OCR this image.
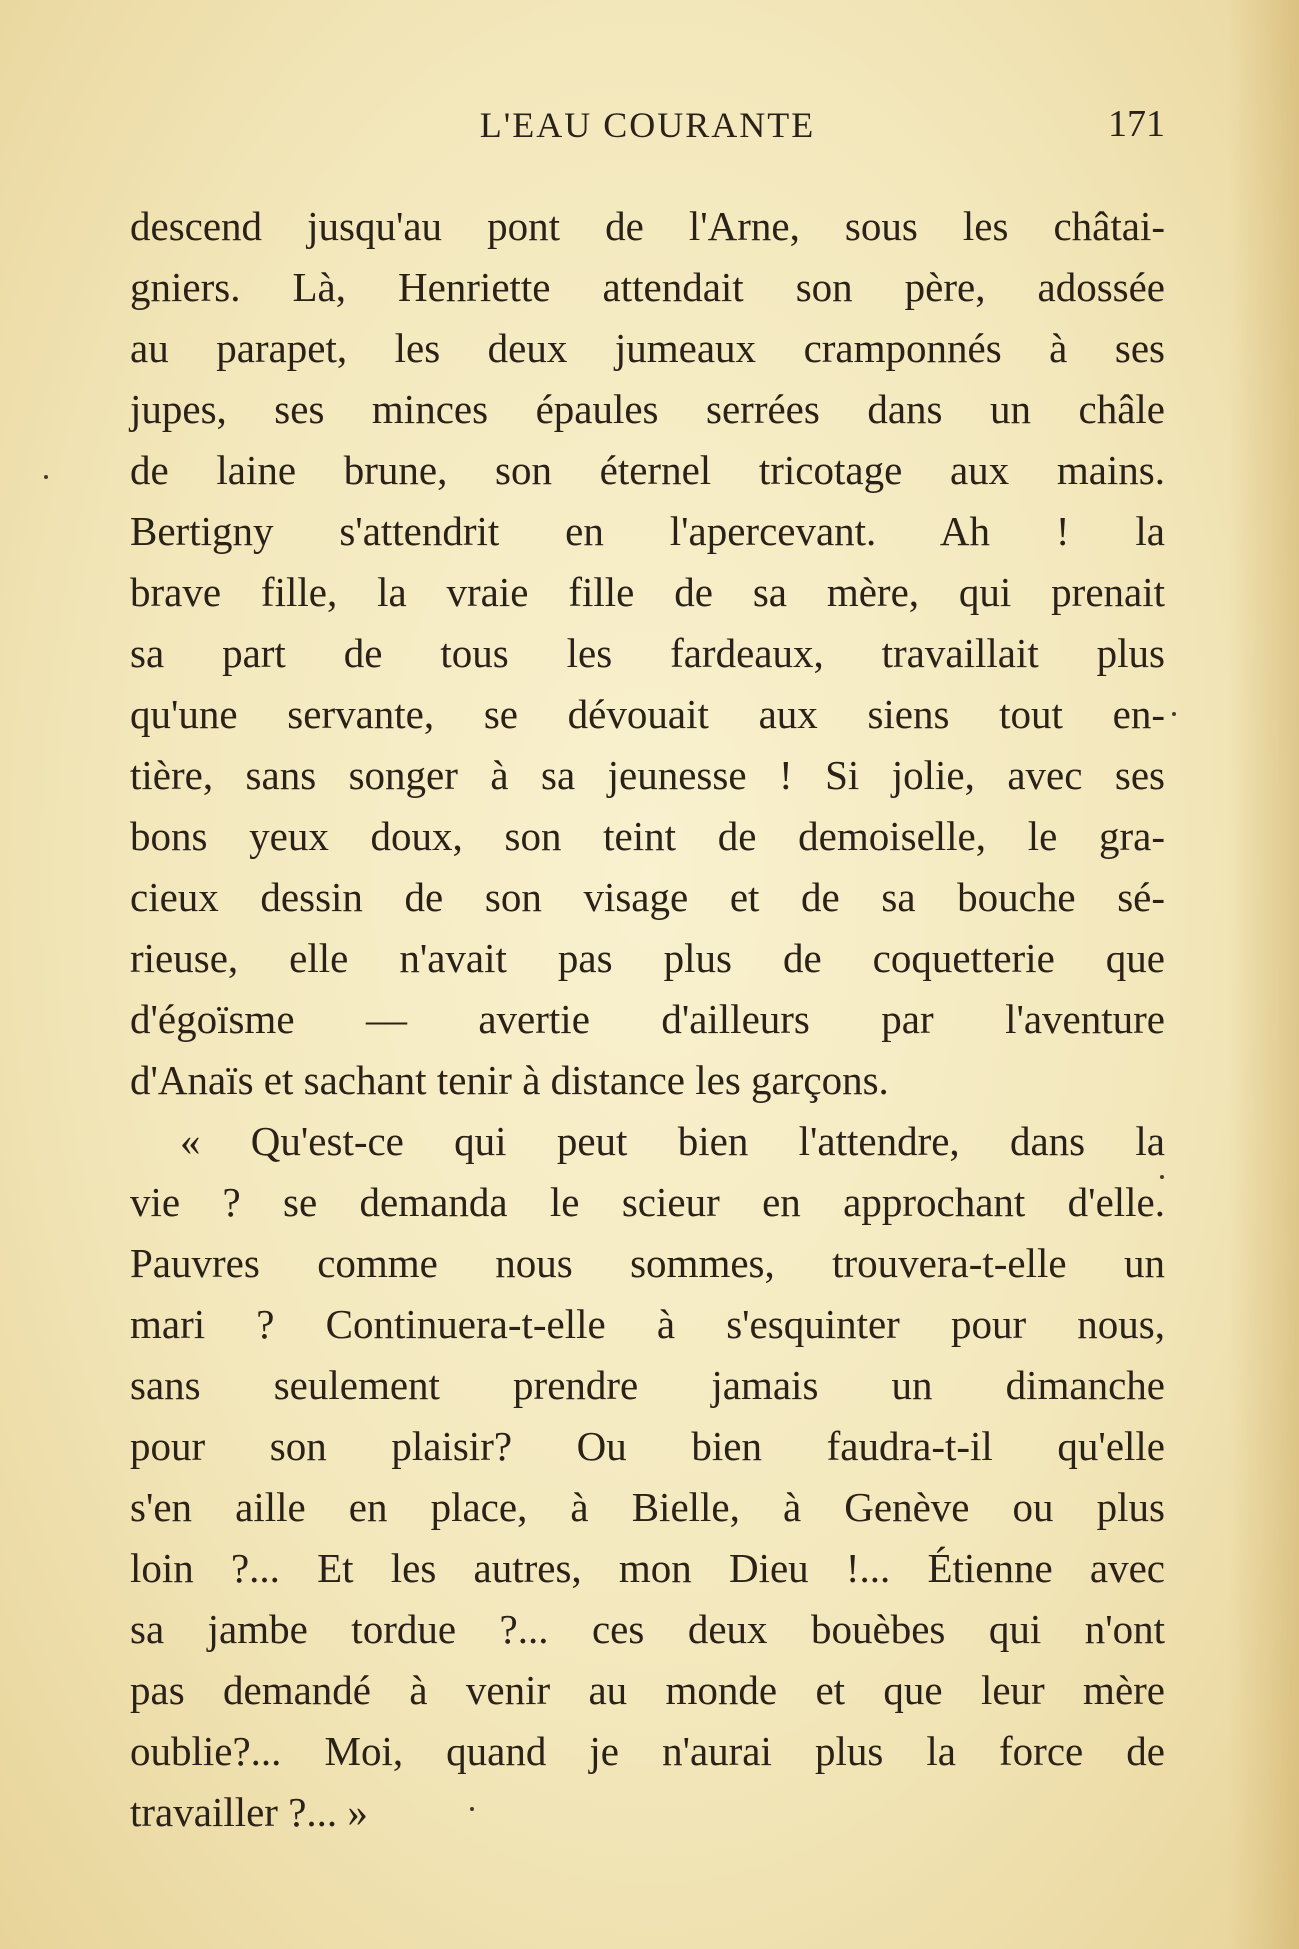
L'EAU COURANTE	171
descend jusqu'au pont de l'Arne, sous les châtai-
gniers. Là, Henriette attendait son père, adossée
au parapet, les deux jumeaux cramponnés à ses
jupes, ses minces épaules serrées dans un châle
de laine brune, son éternel tricotage aux mains.
Bertigny s'attendrit en l'apercevant. Ah ! la
brave fille, la vraie fille de sa mère, qui prenait
sa part de tous les fardeaux, travaillait plus
qu'une servante, se dévouait aux siens tout en-
tière, sans songer à sa jeunesse ! Si jolie, avec ses
bons yeux doux, son teint de demoiselle, le gra-
cieux dessin de son visage et de sa bouche sé-
rieuse, elle n'avait pas plus de coquetterie que
d'égoïsme — avertie d'ailleurs par l'aventure
d'Anaïs et sachant tenir à distance les garçons.
« Qu'est-ce qui peut bien l'attendre, dans la
vie ? se demanda le scieur en approchant d'elle.
Pauvres comme nous sommes, trouvera-t-elle un
mari ? Continuera-t-elle à s'esquinter pour nous,
sans seulement prendre jamais un dimanche
pour son plaisir? Ou bien faudra-t-il qu'elle
s'en aille en place, à Bielle, à Genève ou plus
loin ?... Et les autres, mon Dieu !... Étienne avec
sa jambe tordue ?... ces deux bouèbes qui n'ont
pas demandé à venir au monde et que leur mère
oublie?... Moi, quand je n'aurai plus la force de
travailler ?... »
